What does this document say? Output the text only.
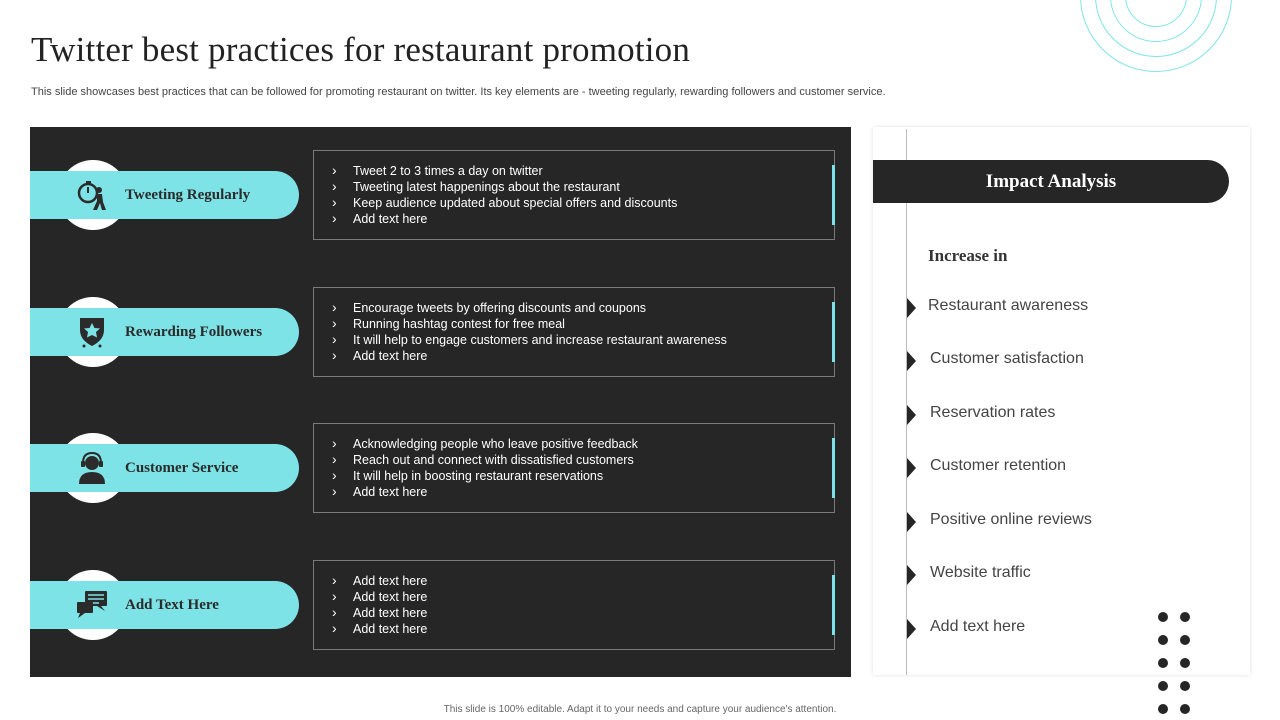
Twitter best practices for restaurant promotion
This slide showcases best practices that can be followed for promoting restaurant on twitter. Its key elements are - tweeting regularly, rewarding followers and customer service.
Tweeting Regularly
› Tweet 2 to 3 times a day on twitter
› Tweeting latest happenings about the restaurant
› Keep audience updated about special offers and discounts
› Add text here
Rewarding Followers
› Encourage tweets by offering discounts and coupons
› Running hashtag contest for free meal
› It will help to engage customers and increase restaurant awareness
› Add text here
Customer Service
› Acknowledging people who leave positive feedback
› Reach out and connect with dissatisfied customers
› It will help in boosting restaurant reservations
› Add text here
Add Text Here
› Add text here
› Add text here
› Add text here
› Add text here
Impact Analysis
Increase in
Restaurant awareness
Customer satisfaction
Reservation rates
Customer retention
Positive online reviews
Website traffic
Add text here
This slide is 100% editable. Adapt it to your needs and capture your audience's attention.
